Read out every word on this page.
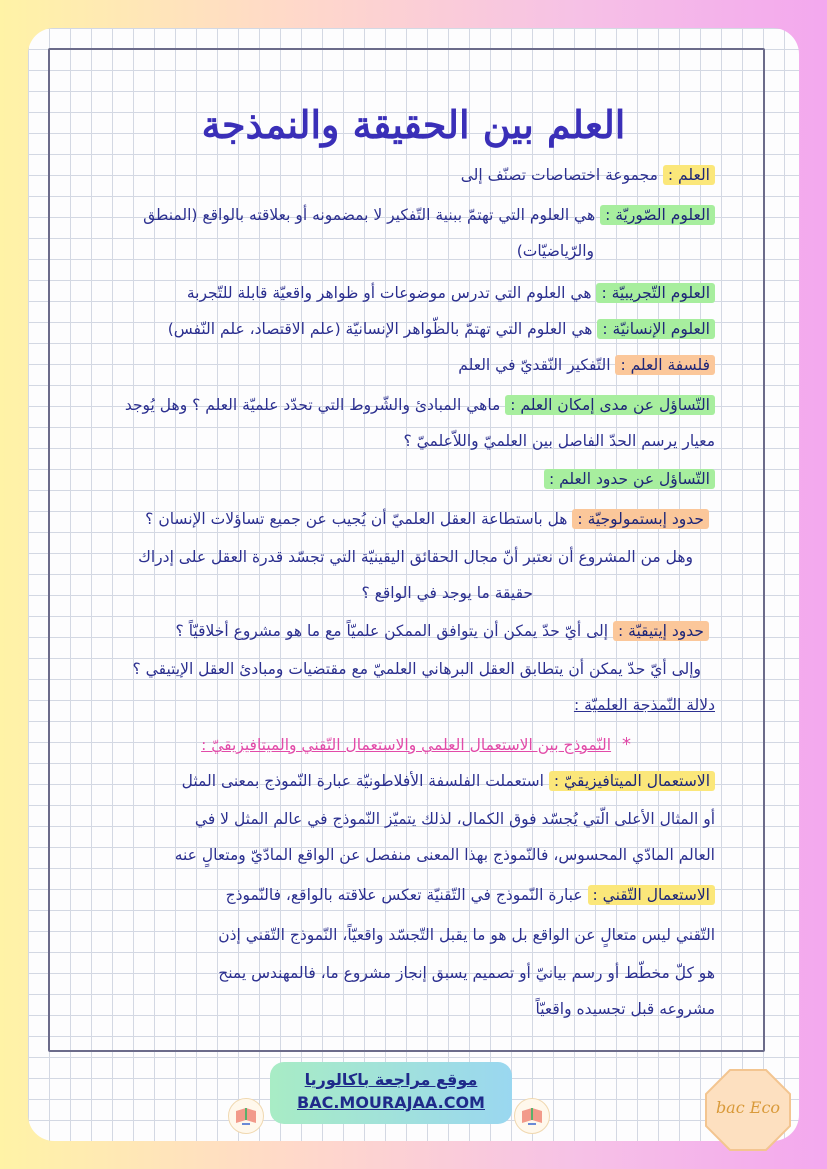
العلم بين الحقيقة والنمذجة
العلم : مجموعة اختصاصات تصنّف إلى
العلوم الصّوريّة : هي العلوم التي تهتمّ ببنية التّفكير لا بمضمونه أو بعلاقته بالواقع (المنطق
والرّياضيّات)
العلوم التّجريبيّة : هي العلوم التي تدرس موضوعات أو ظواهر واقعيّة قابلة للتّجربة
العلوم الإنسانيّة : هي العلوم التي تهتمّ بالظّواهر الإنسانيّة (علم الاقتصاد، علم النّفس)
فلسفة العلم : التّفكير النّقديّ في العلم
التّساؤل عن مدى إمكان العلم : ماهي المبادئ والشّروط التي تحدّد علميّة العلم ؟ وهل يُوجد
معيار يرسم الحدّ الفاصل بين العلميّ واللاّعلميّ ؟
التّساؤل عن حدود العلم :
حدود إبستمولوجيّة : هل باستطاعة العقل العلميّ أن يُجيب عن جميع تساؤلات الإنسان ؟
وهل من المشروع أن نعتبر أنّ مجال الحقائق اليقينيّة التي تجسّد قدرة العقل على إدراك
حقيقة ما يوجد في الواقع ؟
حدود إيتيقيّة : إلى أيّ حدّ يمكن أن يتوافق الممكن علميّاً مع ما هو مشروع أخلاقيّاً ؟
وإلى أيّ حدّ يمكن أن يتطابق العقل البرهاني العلميّ مع مقتضيات ومبادئ العقل الإيتيقي ؟
دلالة النّمذجة العلميّة :
* النّموذج بين الاستعمال العلمي والاستعمال التّقني والميتافيزيقيّ :
الاستعمال الميتافيزيقيّ : استعملت الفلسفة الأفلاطونيّة عبارة النّموذج بمعنى المثل
أو المثال الأعلى الّتي يُجسّد فوق الكمال، لذلك يتميّز النّموذج في عالم المثل لا في
العالم المادّي المحسوس، فالنّموذج بهذا المعنى منفصل عن الواقع المادّيّ ومتعالٍ عنه
الاستعمال التّقني : عبارة النّموذج في التّقنيّة تعكس علاقته بالواقع، فالنّموذج
التّقني ليس متعالٍ عن الواقع بل هو ما يقبل التّجسّد واقعيّاً، النّموذج التّقني إذن
هو كلّ مخطّط أو رسم بيانيّ أو تصميم يسبق إنجاز مشروع ما، فالمهندس يمنح
مشروعه قبل تجسيده واقعيّاً
موقع مراجعة باكالوريا
BAC.MOURAJAA.COM	bac Eco
